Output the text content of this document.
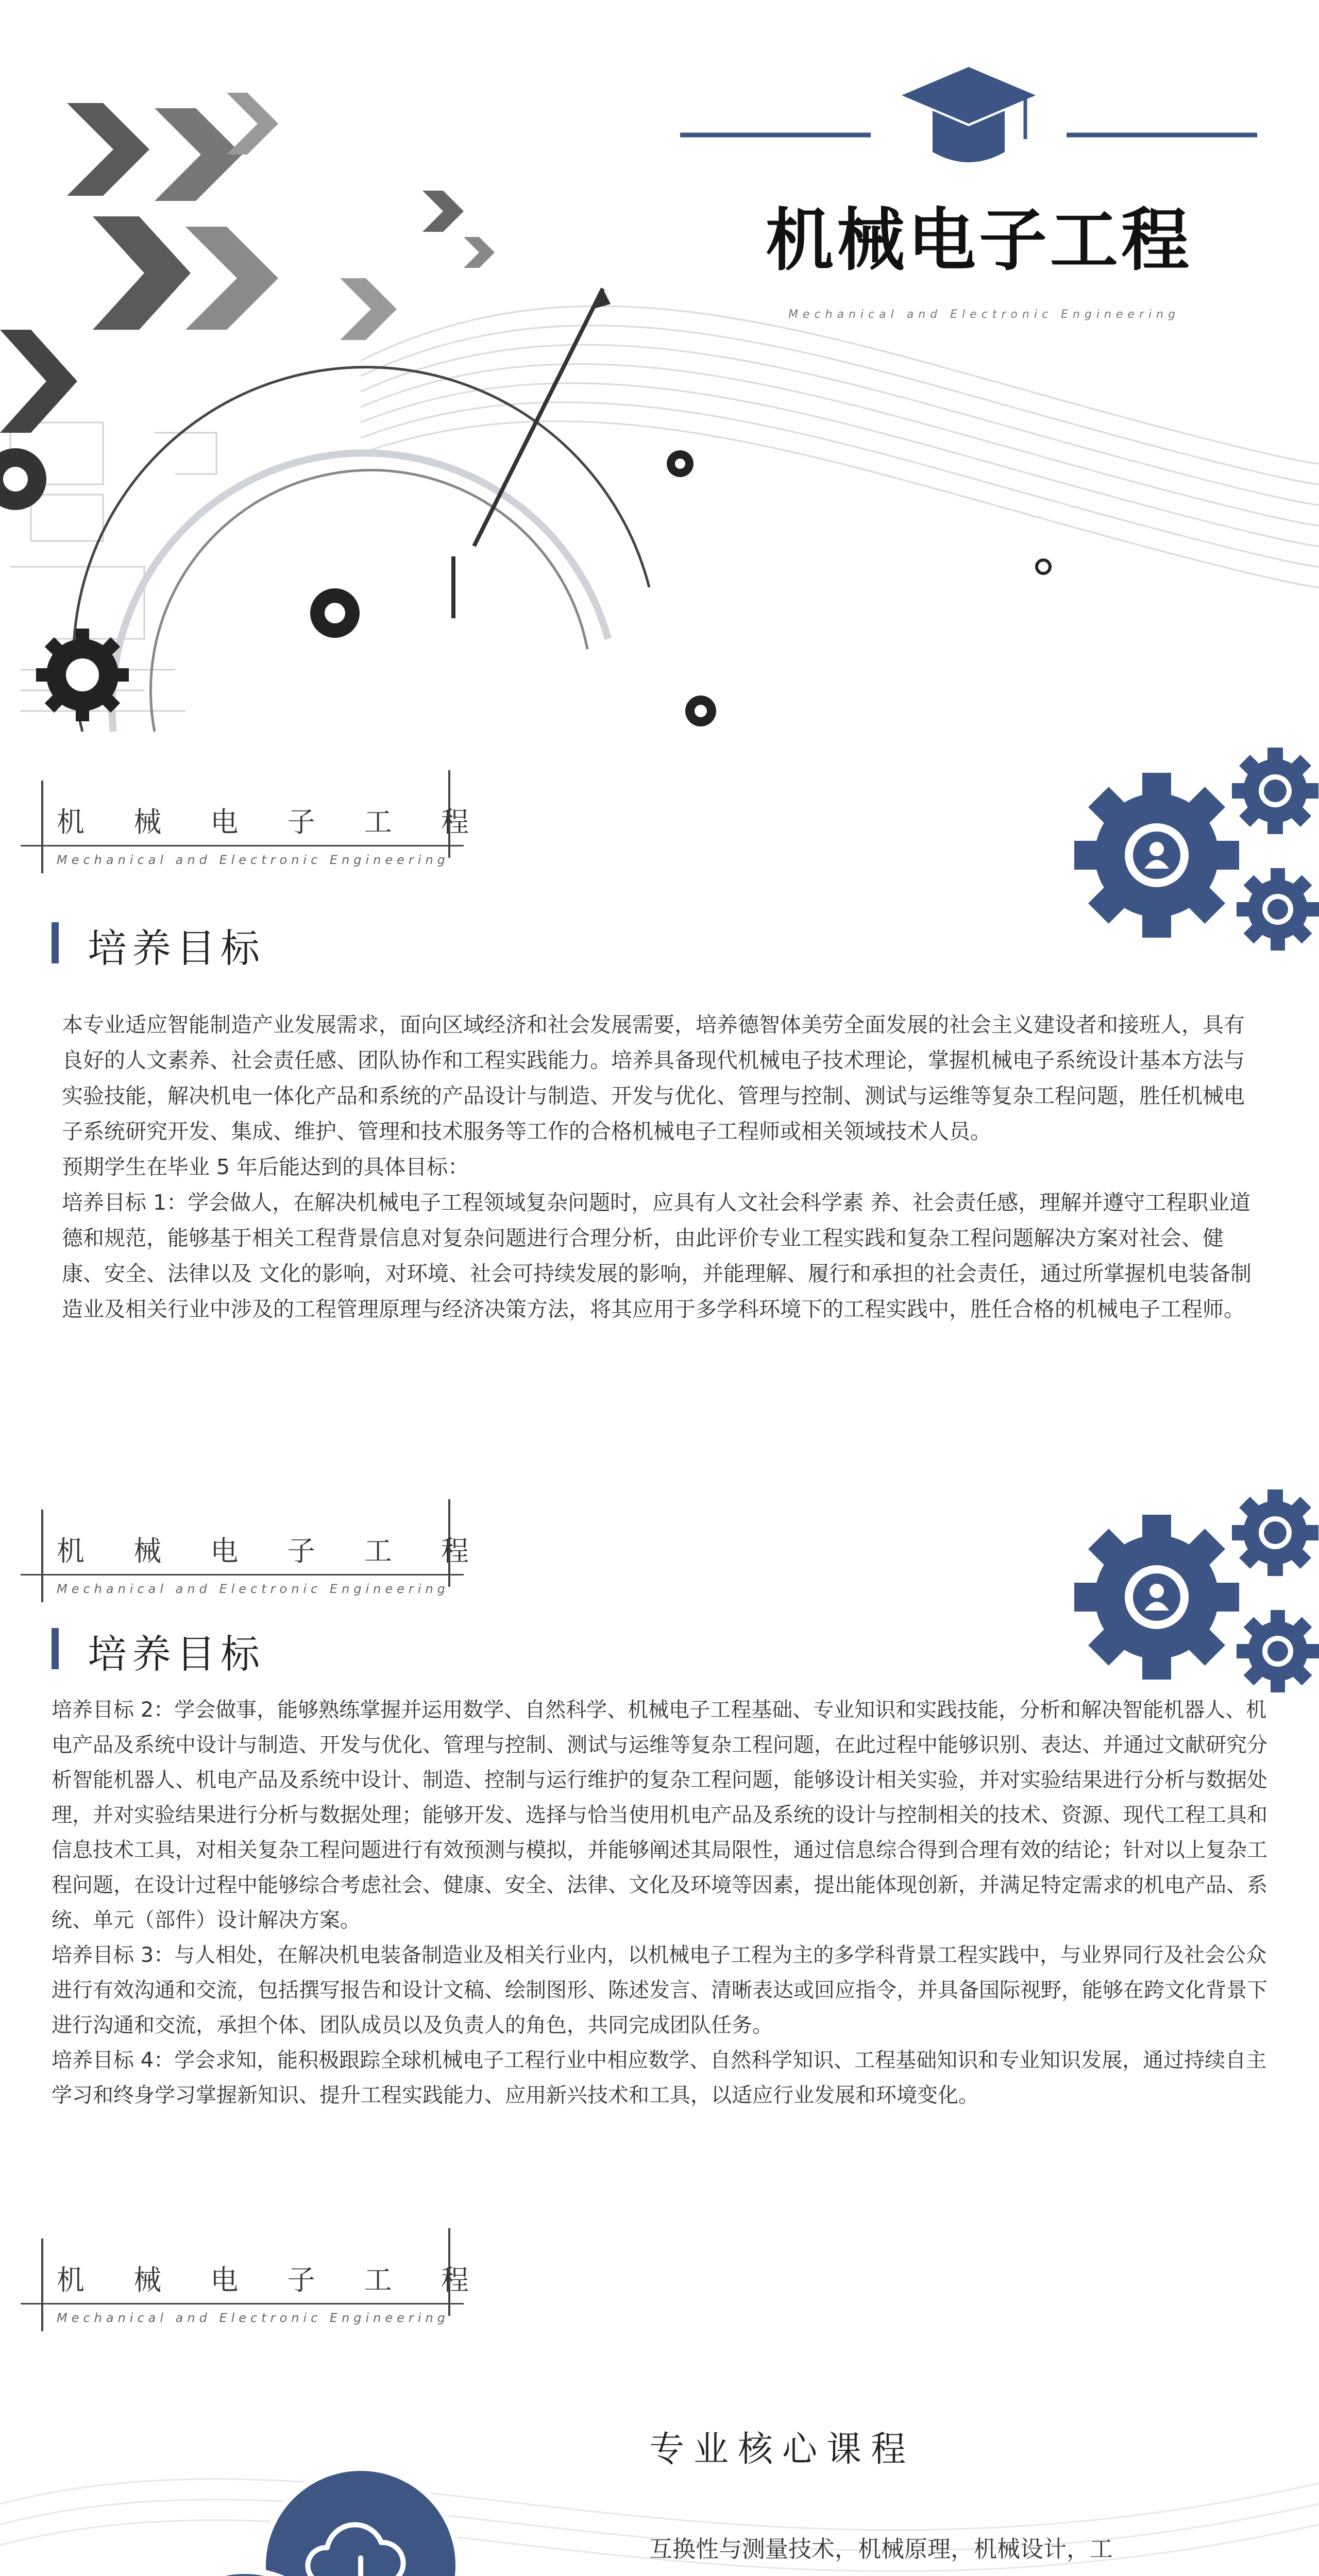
机械电子工程
Mechanical and Electronic Engineering
机 械 电 子 工 程
Mechanical and Electronic Engineering
培养目标

本专业适应智能制造产业发展需求，面向区域经济和社会发展需要，培养德智体美劳全面发展的社会主义建设者和接班人，具有良好的人文素养、社会责任感、团队协作和工程实践能力。培养具备现代机械电子技术理论，掌握机械电子系统设计基本方法与实验技能，解决机电一体化产品和系统的产品设计与制造、开发与优化、管理与控制、测试与运维等复杂工程问题，胜任机械电子系统研究开发、集成、维护、管理和技术服务等工作的合格机械电子工程师或相关领域技术人员。

预期学生在毕业 5 年后能达到的具体目标：

培养目标 1：学会做人，在解决机械电子工程领域复杂问题时，应具有人文社会科学素 养、社会责任感，理解并遵守工程职业道德和规范，能够基于相关工程背景信息对复杂问题进行合理分析，由此评价专业工程实践和复杂工程问题解决方案对社会、健康、安全、法律以及 文化的影响，对环境、社会可持续发展的影响，并能理解、履行和承担的社会责任，通过所掌握机电装备制造业及相关行业中涉及的工程管理原理与经济决策方法，将其应用于多学科环境下的工程实践中，胜任合格的机械电子工程师。

机 械 电 子 工 程
Mechanical and Electronic Engineering
培养目标

培养目标 2：学会做事，能够熟练掌握并运用数学、自然科学、机械电子工程基础、专业知识和实践技能，分析和解决智能机器人、机电产品及系统中设计与制造、开发与优化、管理与控制、测试与运维等复杂工程问题，在此过程中能够识别、表达、并通过文献研究分析智能机器人、机电产品及系统中设计、制造、控制与运行维护的复杂工程问题，能够设计相关实验，并对实验结果进行分析与数据处理，并对实验结果进行分析与数据处理；能够开发、选择与恰当使用机电产品及系统的设计与控制相关的技术、资源、现代工程工具和信息技术工具，对相关复杂工程问题进行有效预测与模拟，并能够阐述其局限性，通过信息综合得到合理有效的结论；针对以上复杂工程问题，在设计过程中能够综合考虑社会、健康、安全、法律、文化及环境等因素，提出能体现创新，并满足特定需求的机电产品、系统、单元（部件）设计解决方案。

培养目标 3：与人相处，在解决机电装备制造业及相关行业内，以机械电子工程为主的多学科背景工程实践中，与业界同行及社会公众进行有效沟通和交流，包括撰写报告和设计文稿、绘制图形、陈述发言、清晰表达或回应指令，并具备国际视野，能够在跨文化背景下进行沟通和交流，承担个体、团队成员以及负责人的角色，共同完成团队任务。

培养目标 4：学会求知，能积极跟踪全球机械电子工程行业中相应数学、自然科学知识、工程基础知识和专业知识发展，通过持续自主学习和终身学习掌握新知识、提升工程实践能力、应用新兴技术和工具，以适应行业发展和环境变化。

机 械 电 子 工 程
Mechanical and Electronic Engineering
专业核心课程
互换性与测量技术，机械原理，机械设计，工
